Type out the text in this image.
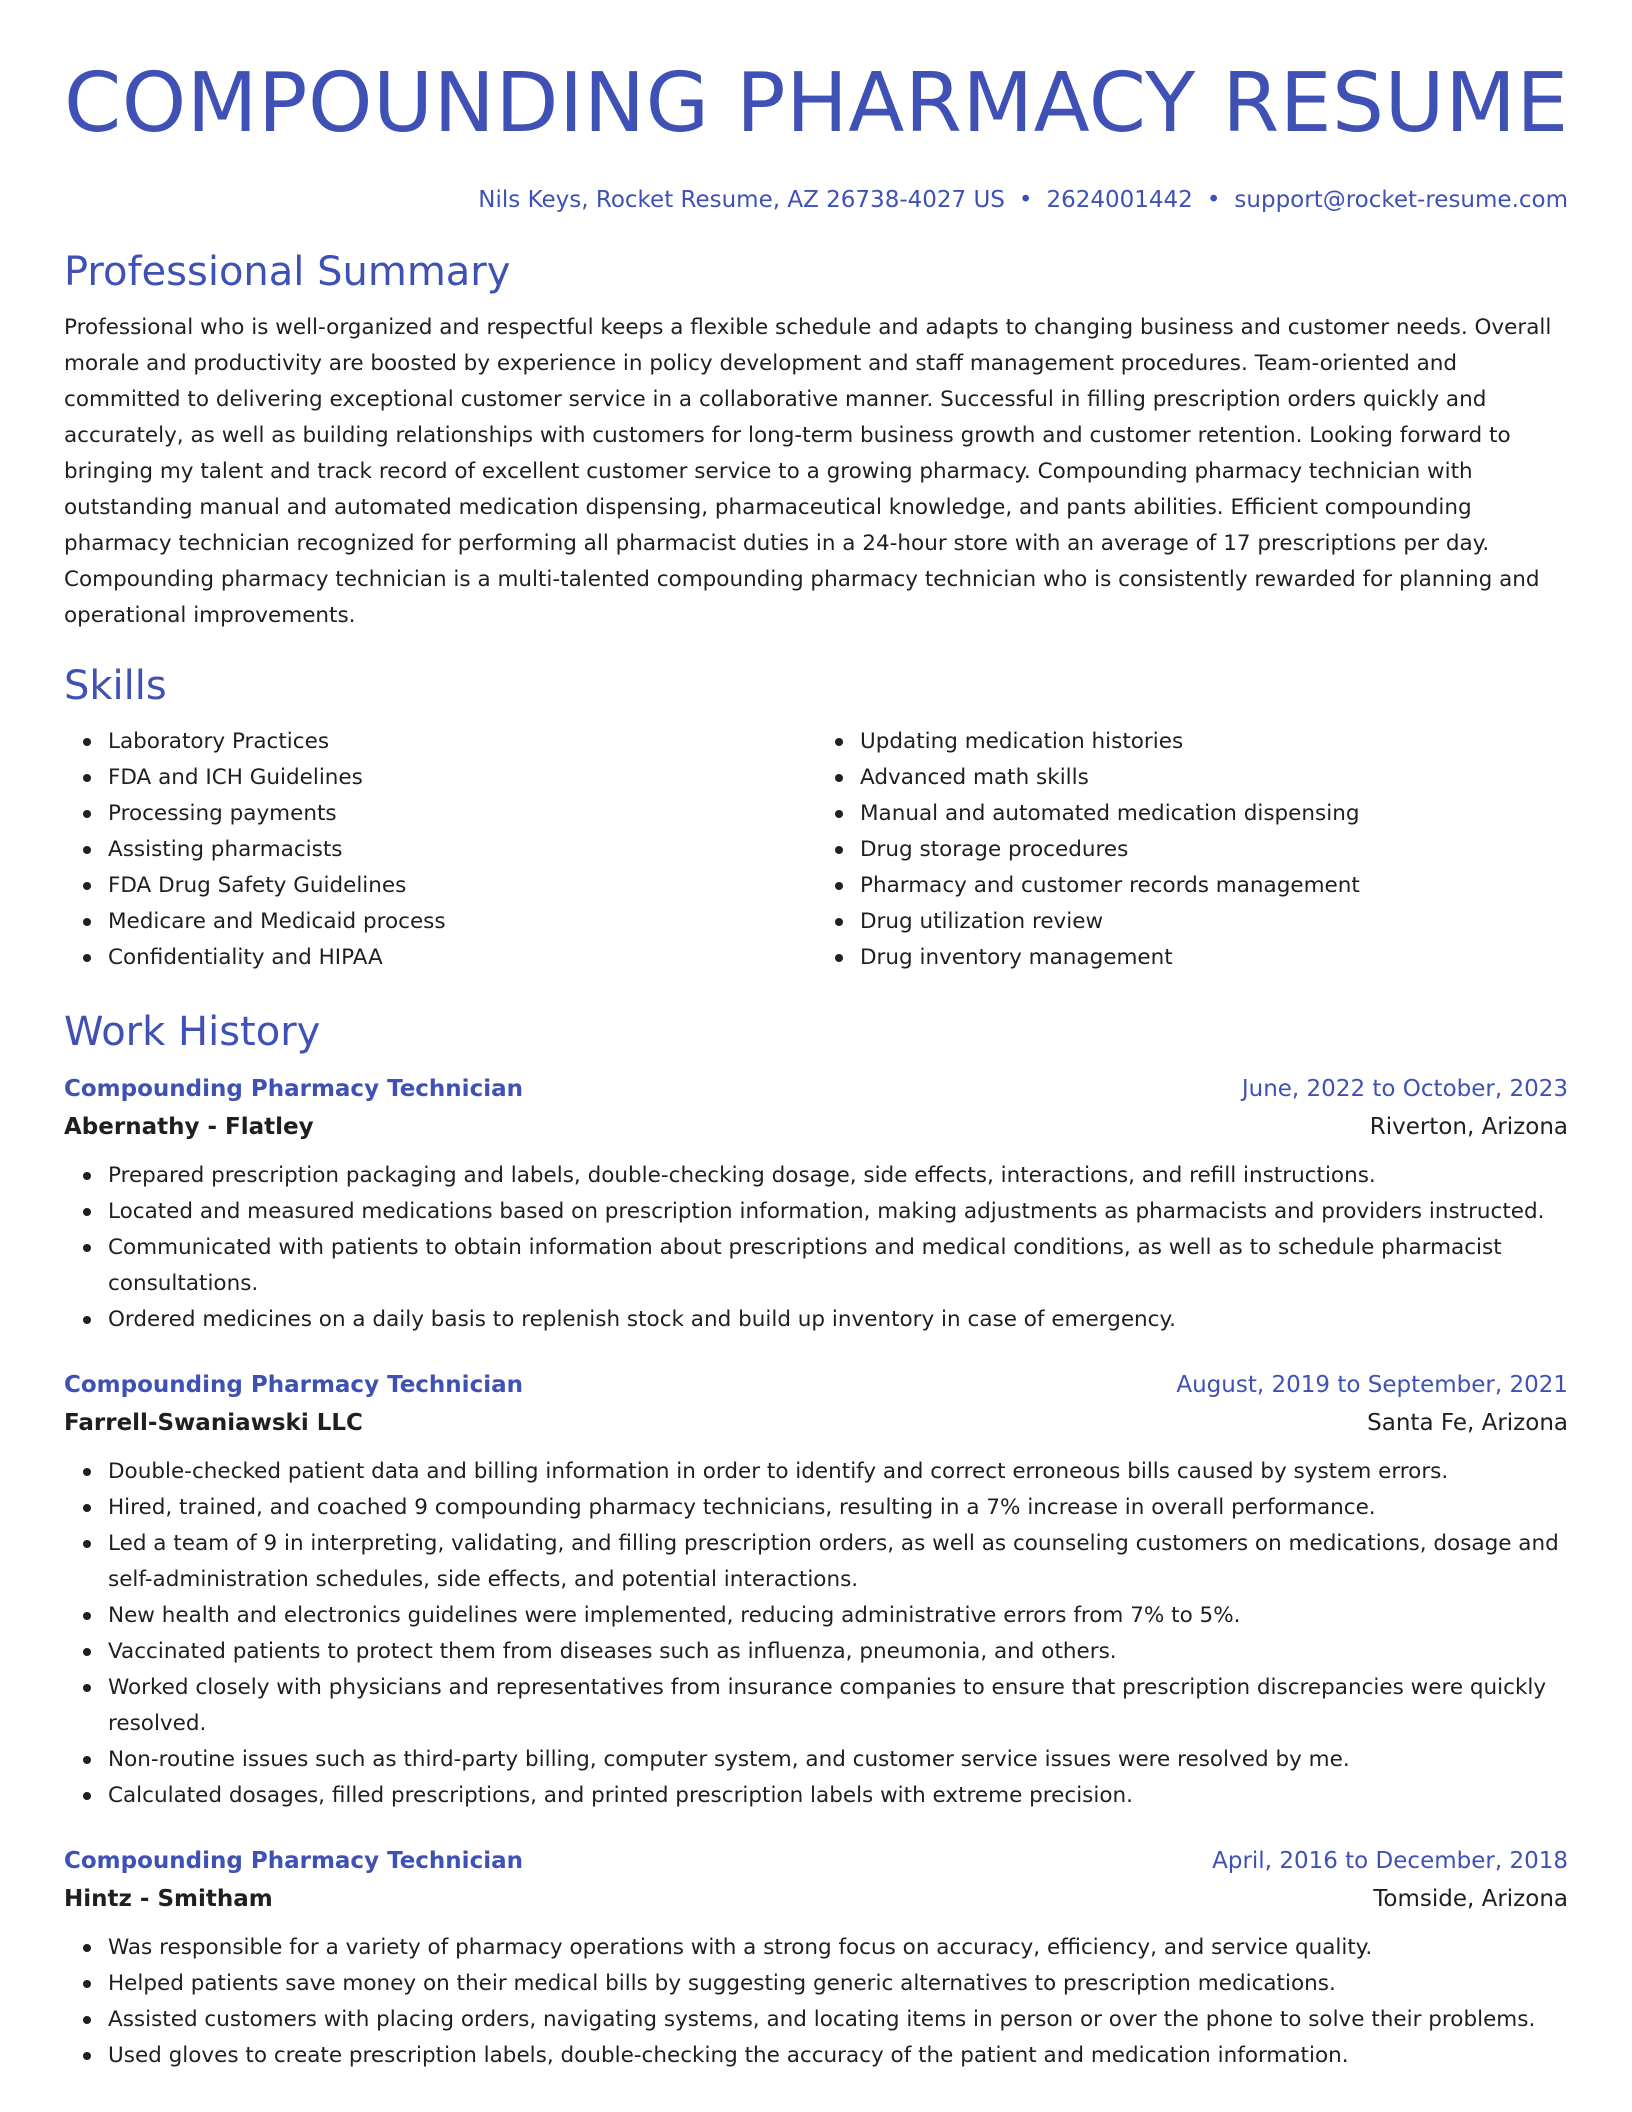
COMPOUNDING PHARMACY RESUME
Nils Keys, Rocket Resume, AZ 26738-4027 US • 2624001442 • support@rocket-resume.com
Professional Summary

Professional who is well-organized and respectful keeps a flexible schedule and adapts to changing business and customer needs. Overall morale and productivity are boosted by experience in policy development and staff management procedures. Team-oriented and committed to delivering exceptional customer service in a collaborative manner. Successful in filling prescription orders quickly and accurately, as well as building relationships with customers for long-term business growth and customer retention. Looking forward to bringing my talent and track record of excellent customer service to a growing pharmacy. Compounding pharmacy technician with outstanding manual and automated medication dispensing, pharmaceutical knowledge, and pants abilities. Efficient compounding pharmacy technician recognized for performing all pharmacist duties in a 24-hour store with an average of 17 prescriptions per day. Compounding pharmacy technician is a multi-talented compounding pharmacy technician who is consistently rewarded for planning and operational improvements.

Skills
Laboratory Practices
FDA and ICH Guidelines
Processing payments
Assisting pharmacists
FDA Drug Safety Guidelines
Medicare and Medicaid process
Confidentiality and HIPAA
Updating medication histories
Advanced math skills
Manual and automated medication dispensing
Drug storage procedures
Pharmacy and customer records management
Drug utilization review
Drug inventory management
Work History
Compounding Pharmacy Technician	June, 2022 to October, 2023
Abernathy - Flatley	Riverton, Arizona
Prepared prescription packaging and labels, double-checking dosage, side effects, interactions, and refill instructions.
Located and measured medications based on prescription information, making adjustments as pharmacists and providers instructed.
Communicated with patients to obtain information about prescriptions and medical conditions, as well as to schedule pharmacist consultations.
Ordered medicines on a daily basis to replenish stock and build up inventory in case of emergency.
Compounding Pharmacy Technician	August, 2019 to September, 2021
Farrell-Swaniawski LLC	Santa Fe, Arizona
Double-checked patient data and billing information in order to identify and correct erroneous bills caused by system errors.
Hired, trained, and coached 9 compounding pharmacy technicians, resulting in a 7% increase in overall performance.
Led a team of 9 in interpreting, validating, and filling prescription orders, as well as counseling customers on medications, dosage and self-administration schedules, side effects, and potential interactions.
New health and electronics guidelines were implemented, reducing administrative errors from 7% to 5%.
Vaccinated patients to protect them from diseases such as influenza, pneumonia, and others.
Worked closely with physicians and representatives from insurance companies to ensure that prescription discrepancies were quickly resolved.
Non-routine issues such as third-party billing, computer system, and customer service issues were resolved by me.
Calculated dosages, filled prescriptions, and printed prescription labels with extreme precision.
Compounding Pharmacy Technician	April, 2016 to December, 2018
Hintz - Smitham	Tomside, Arizona
Was responsible for a variety of pharmacy operations with a strong focus on accuracy, efficiency, and service quality.
Helped patients save money on their medical bills by suggesting generic alternatives to prescription medications.
Assisted customers with placing orders, navigating systems, and locating items in person or over the phone to solve their problems.
Used gloves to create prescription labels, double-checking the accuracy of the patient and medication information.
